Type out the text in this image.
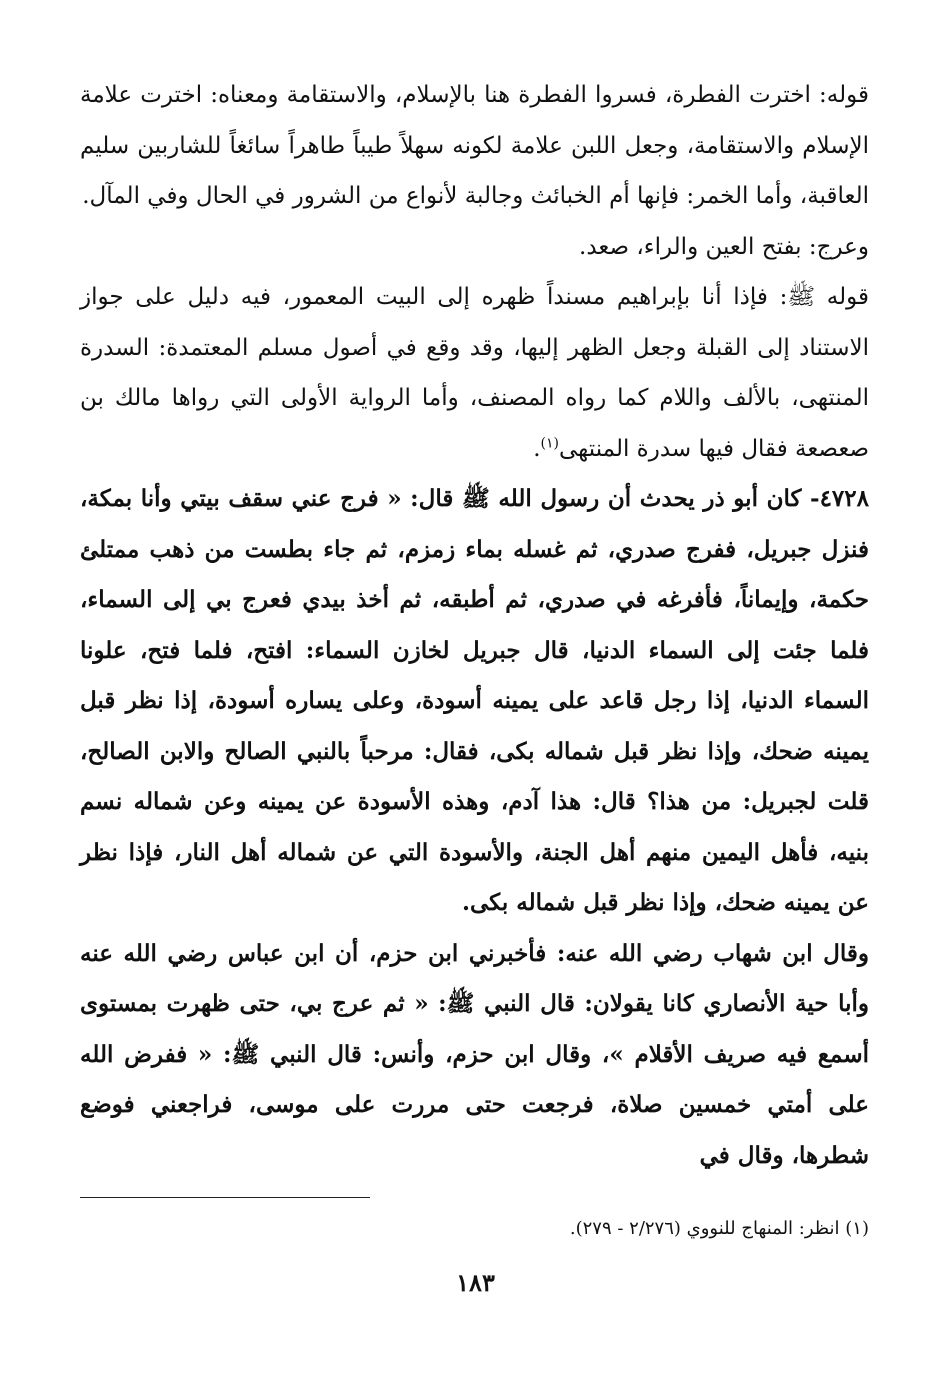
قوله: اخترت الفطرة، فسروا الفطرة هنا بالإسلام، والاستقامة ومعناه: اخترت علامة الإسلام والاستقامة، وجعل اللبن علامة لكونه سهلاً طيباً طاهراً سائغاً للشاربين سليم العاقبة، وأما الخمر: فإنها أم الخبائث وجالبة لأنواع من الشرور في الحال وفي المآل.

وعرج: بفتح العين والراء، صعد.

قوله ﷺ: فإذا أنا بإبراهيم مسنداً ظهره إلى البيت المعمور، فيه دليل على جواز الاستناد إلى القبلة وجعل الظهر إليها، وقد وقع في أصول مسلم المعتمدة: السدرة المنتهى، بالألف واللام كما رواه المصنف، وأما الرواية الأولى التي رواها مالك بن صعصعة فقال فيها سدرة المنتهى$^{(١)}$.

٤٧٢٨- كان أبو ذر يحدث أن رسول الله ﷺ قال: « فرج عني سقف بيتي وأنا بمكة، فنزل جبريل، ففرج صدري، ثم غسله بماء زمزم، ثم جاء بطست من ذهب ممتلئ حكمة، وإيماناً، فأفرغه في صدري، ثم أطبقه، ثم أخذ بيدي فعرج بي إلى السماء، فلما جئت إلى السماء الدنيا، قال جبريل لخازن السماء: افتح، فلما فتح، علونا السماء الدنيا، إذا رجل قاعد على يمينه أسودة، وعلى يساره أسودة، إذا نظر قبل يمينه ضحك، وإذا نظر قبل شماله بكى، فقال: مرحباً بالنبي الصالح والابن الصالح، قلت لجبريل: من هذا؟ قال: هذا آدم، وهذه الأسودة عن يمينه وعن شماله نسم بنيه، فأهل اليمين منهم أهل الجنة، والأسودة التي عن شماله أهل النار، فإذا نظر عن يمينه ضحك، وإذا نظر قبل شماله بكى.

وقال ابن شهاب رضي الله عنه: فأخبرني ابن حزم، أن ابن عباس رضي الله عنه وأبا حية الأنصاري كانا يقولان: قال النبي ﷺ: « ثم عرج بي، حتى ظهرت بمستوى أسمع فيه صريف الأقلام »، وقال ابن حزم، وأنس: قال النبي ﷺ: « ففرض الله على أمتي خمسين صلاة، فرجعت حتى مررت على موسى، فراجعني فوضع شطرها، وقال في

(١) انظر: المنهاج للنووي (٢/٢٧٦ - ٢٧٩).
١٨٣
